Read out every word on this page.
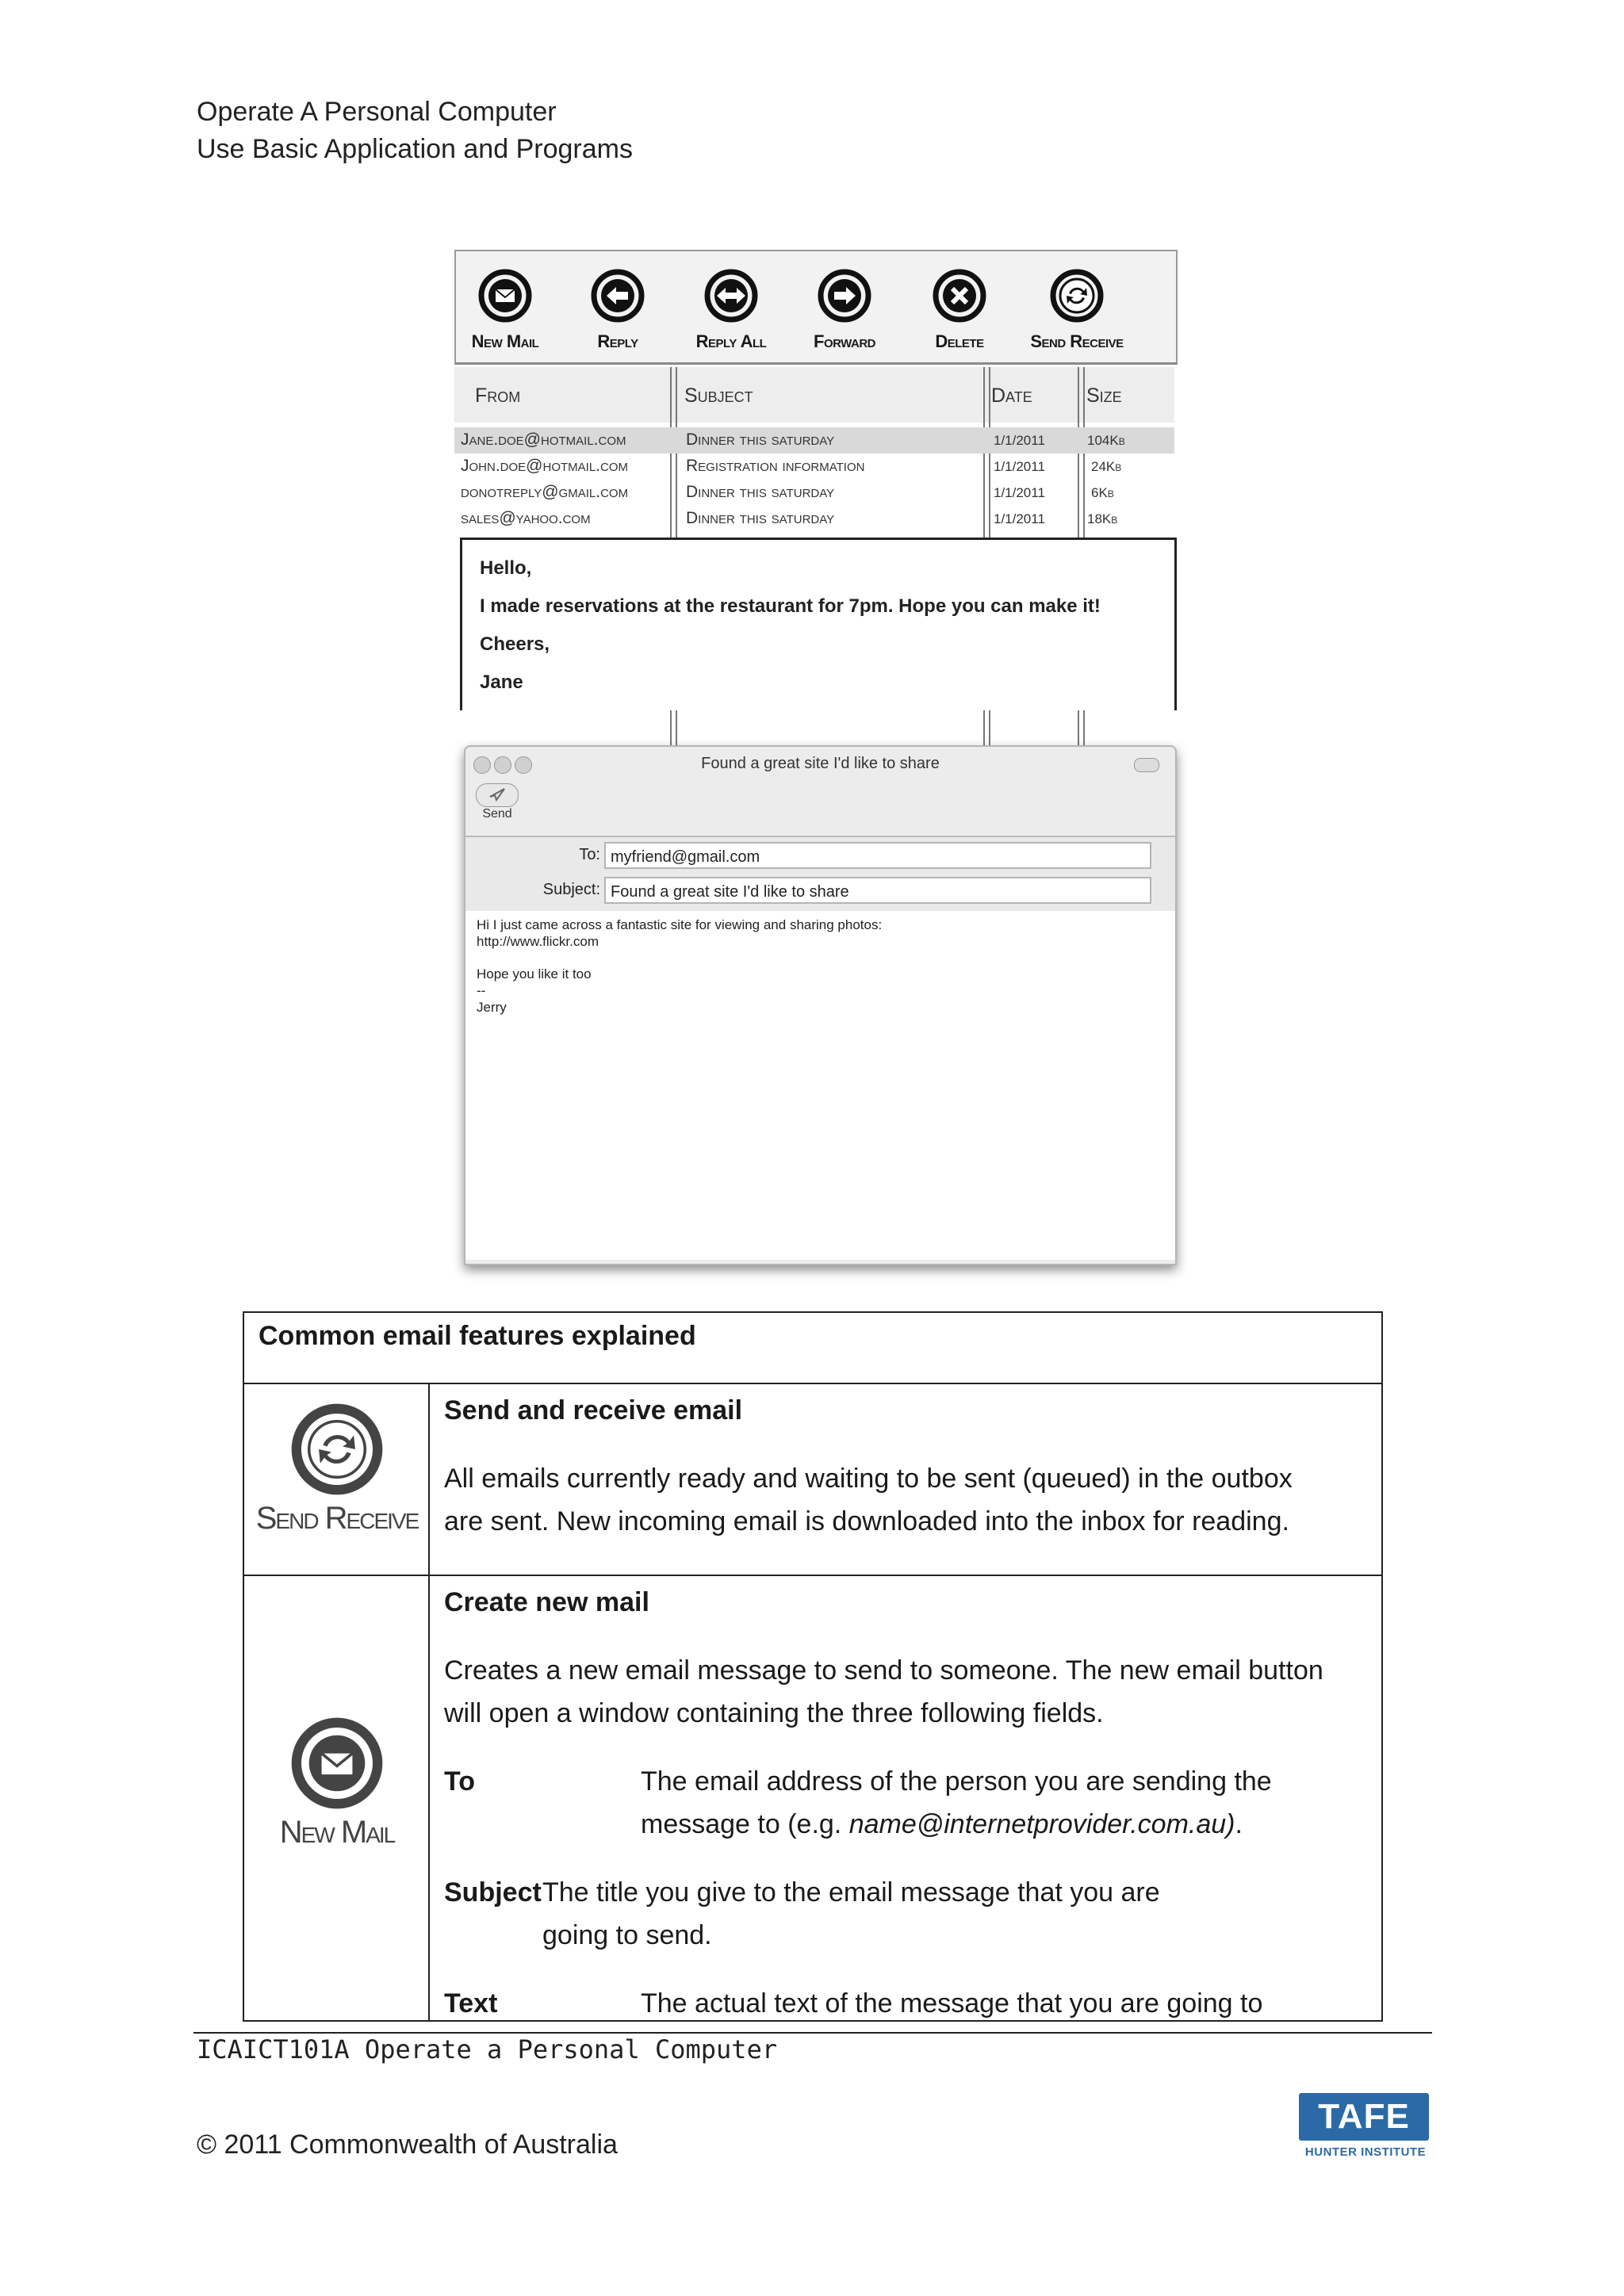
Operate A Personal Computer
Use Basic Application and Programs
New Mail	Reply	Reply All	Forward	Delete	Send Receive
From	Subject	Date	Size
Jane.doe@hotmail.com	Dinner this saturday	1/1/2011	104Kb
John.doe@hotmail.com	Registration information	1/1/2011	24Kb
donotreply@gmail.com	Dinner this saturday	1/1/2011	6Kb
sales@yahoo.com	Dinner this saturday	1/1/2011	18Kb

Hello,

I made reservations at the restaurant for 7pm. Hope you can make it!

Cheers,

Jane

Found a great site I'd like to share
Send
To: myfriend@gmail.com
Subject: Found a great site I'd like to share
Hi I just came across a fantastic site for viewing and sharing photos:
http://www.flickr.com
Hope you like it too
--
Jerry
Common email features explained
Send Receive
Send and receive email
All emails currently ready and waiting to be sent (queued) in the outbox
are sent. New incoming email is downloaded into the inbox for reading.
New Mail
Create new mail
Creates a new email message to send to someone. The new email button
will open a window containing the three following fields.
To	The email address of the person you are sending the
message to (e.g. name@internetprovider.com.au).
Subject The title you give to the email message that you are
going to send.
Text	The actual text of the message that you are going to
ICAICT101A Operate a Personal Computer
© 2011 Commonwealth of Australia
TAFE
HUNTER INSTITUTE
